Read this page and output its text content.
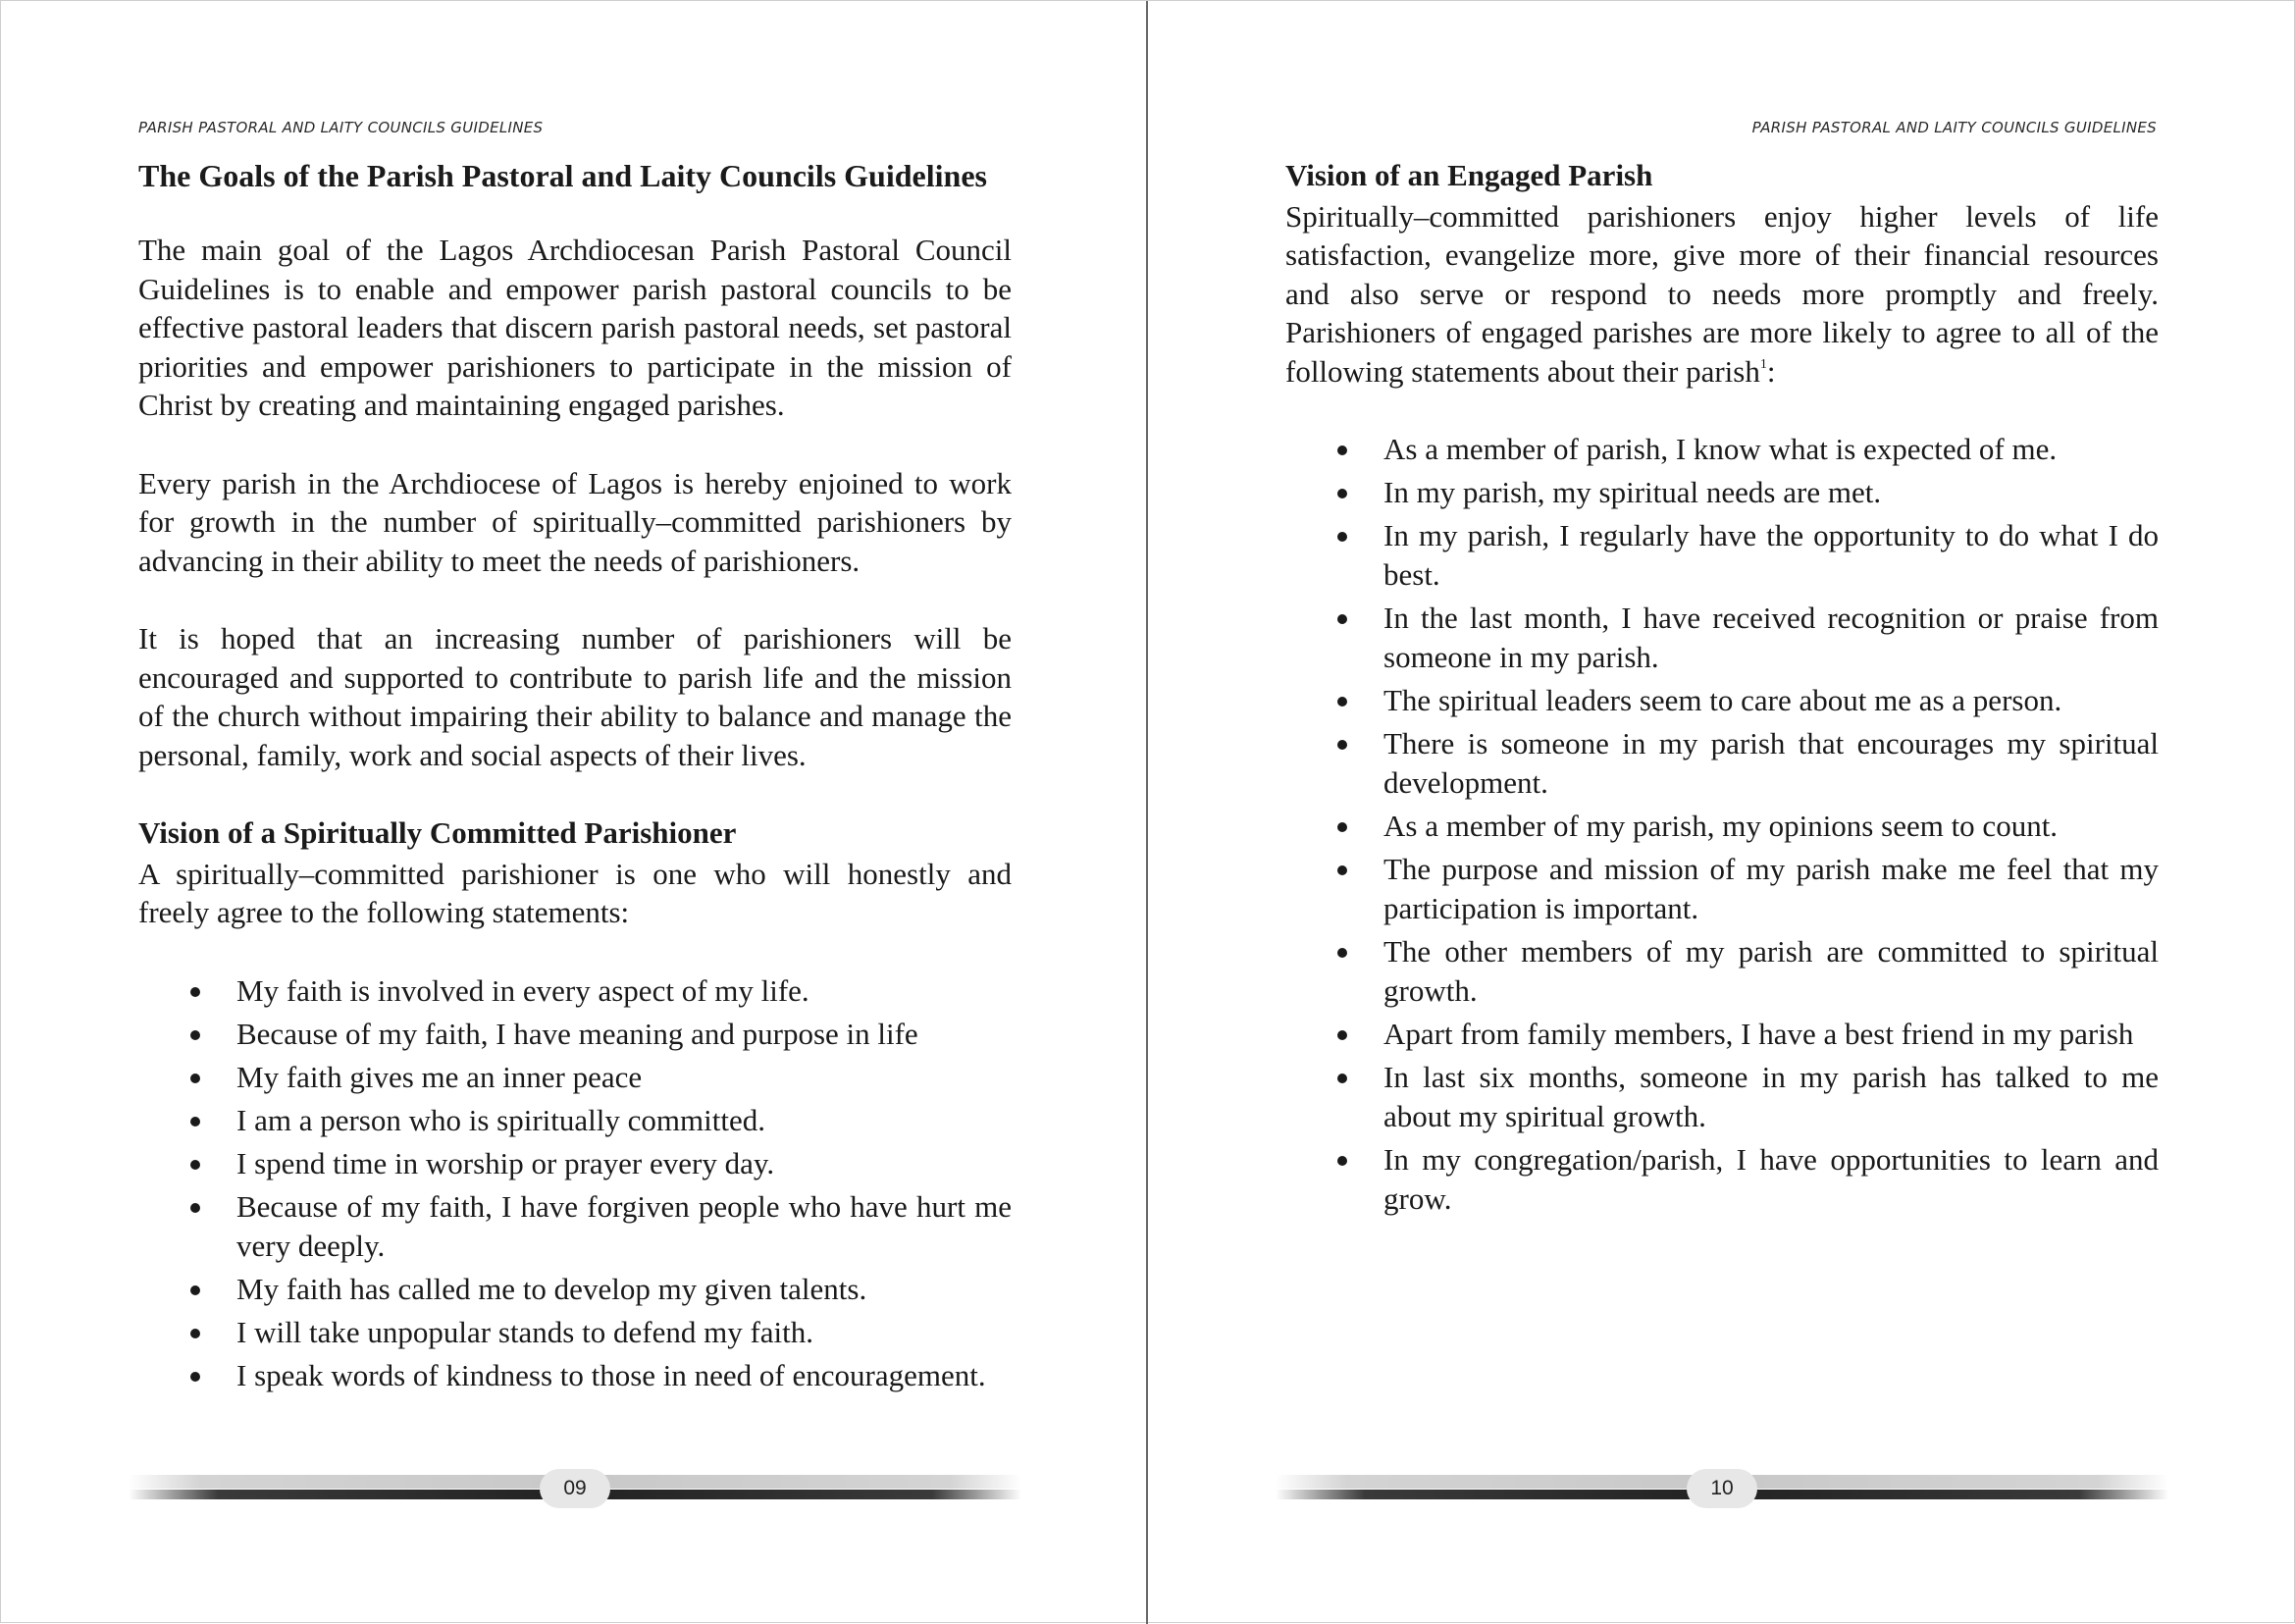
PARISH PASTORAL AND LAITY COUNCILS GUIDELINES
The Goals of the Parish Pastoral and Laity Councils Guidelines

The main goal of the Lagos Archdiocesan Parish Pastoral Council Guidelines is to enable and empower parish pastoral councils to be effective pastoral leaders that discern parish pastoral needs, set pastoral priorities and empower parishioners to participate in the mission of Christ by creating and maintaining engaged parishes.

Every parish in the Archdiocese of Lagos is hereby enjoined to work for growth in the number of spiritually–committed parishioners by advancing in their ability to meet the needs of parishioners.

It is hoped that an increasing number of parishioners will be encouraged and supported to contribute to parish life and the mission of the church without impairing their ability to balance and manage the personal, family, work and social aspects of their lives.

Vision of a Spiritually Committed Parishioner

A spiritually–committed parishioner is one who will honestly and freely agree to the following statements:

My faith is involved in every aspect of my life.
Because of my faith, I have meaning and purpose in life
My faith gives me an inner peace
I am a person who is spiritually committed.
I spend time in worship or prayer every day.
Because of my faith, I have forgiven people who have hurt me very deeply.
My faith has called me to develop my given talents.
I will take unpopular stands to defend my faith.
I speak words of kindness to those in need of encouragement.
09
PARISH PASTORAL AND LAITY COUNCILS GUIDELINES
Vision of an Engaged Parish

Spiritually–committed parishioners enjoy higher levels of life satisfaction, evangelize more, give more of their financial resources and also serve or respond to needs more promptly and freely. Parishioners of engaged parishes are more likely to agree to all of the following statements about their parish$^1$:

As a member of parish, I know what is expected of me.
In my parish, my spiritual needs are met.
In my parish, I regularly have the opportunity to do what I do best.
In the last month, I have received recognition or praise from someone in my parish.
The spiritual leaders seem to care about me as a person.
There is someone in my parish that encourages my spiritual development.
As a member of my parish, my opinions seem to count.
The purpose and mission of my parish make me feel that my participation is important.
The other members of my parish are committed to spiritual growth.
Apart from family members, I have a best friend in my parish
In last six months, someone in my parish has talked to me about my spiritual growth.
In my congregation/parish, I have opportunities to learn and grow.
10
